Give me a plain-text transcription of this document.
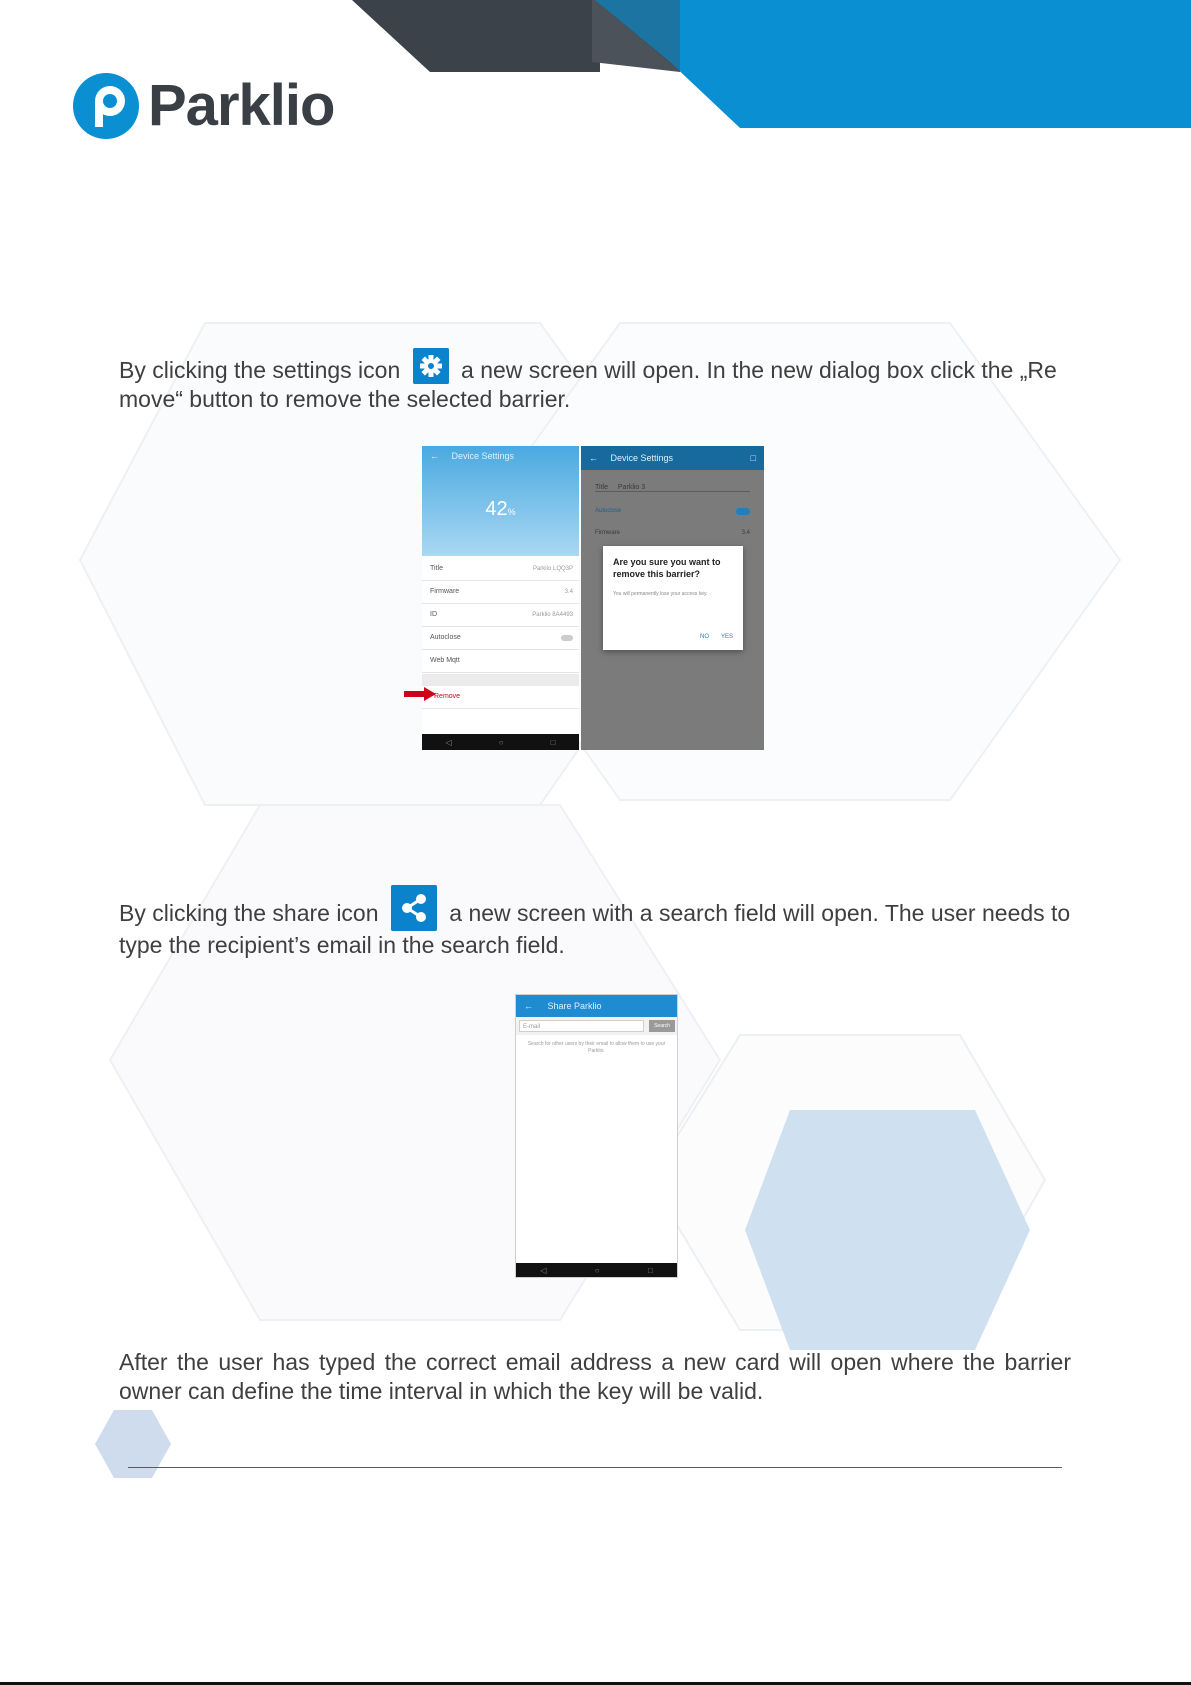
Parklio
By clicking the settings icon	a new screen will open. In the new dialog box click the „Re move“ button to remove the selected barrier.
← Device Settings
42%
Title	Parklio LQQ3P
Firmware	3.4
ID	Parklio 8A4493
Autoclose
Web Mqtt
Remove
◁	○	□
← Device Settings	□
Title Parklio 3
Autoclose
Firmware	3.4
Are you sure you want to remove this barrier?
You will permanently lose your access key.
NO YES
By clicking the share icon	a new screen with a search field will open. The user needs to type the recipient’s email in the search field.
← Share Parklio
E-mail	Search
Search for other users by their email to allow them to use your Parklio.
◁	○	□
After the user has typed the correct email address a new card will open where the barrier owner can define the time interval in which the key will be valid.
